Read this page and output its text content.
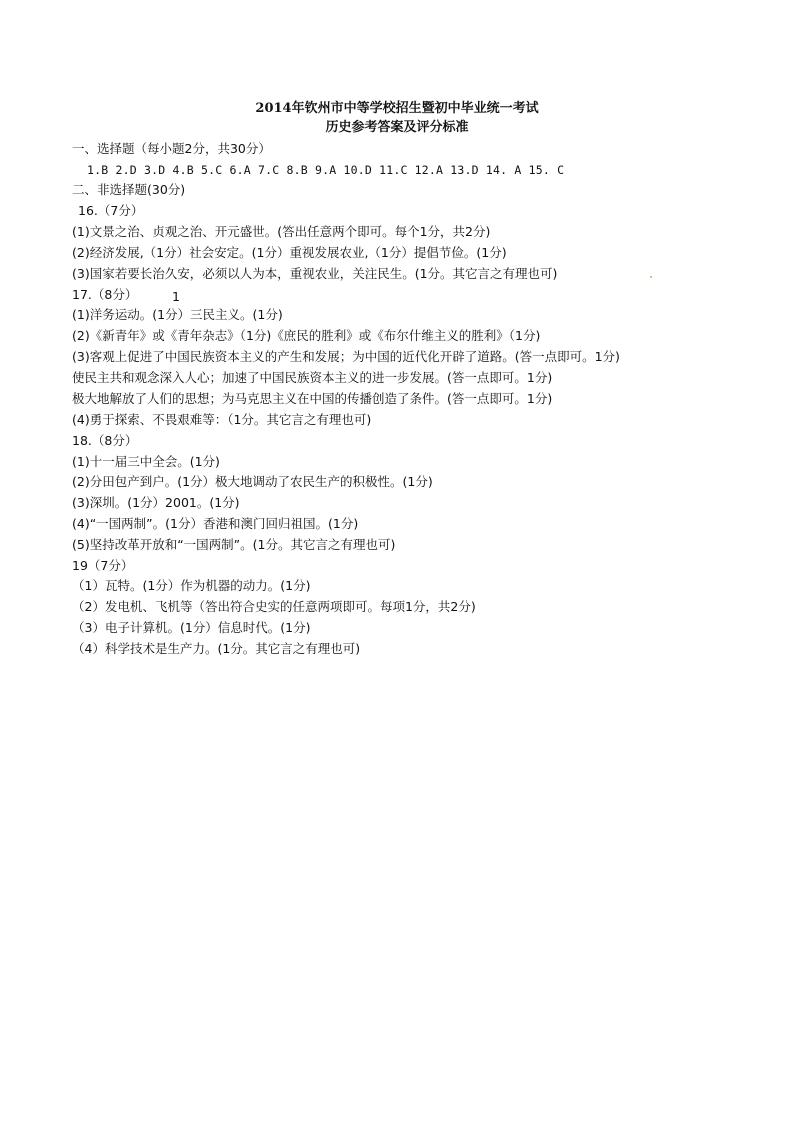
2014年钦州市中等学校招生暨初中毕业统一考试
历史参考答案及评分标准
一、选择题（每小题2分，共30分）
1.B 2.D 3.D 4.B 5.C 6.A 7.C 8.B 9.A 10.D 11.C 12.A 13.D 14. A 15. C
二、非选择题(30分)
16.（7分）
(1)文景之治、贞观之治、开元盛世。(答出任意两个即可。每个1分，共2分)
(2)经济发展,（1分）社会安定。(1分）重视发展农业,（1分）提倡节俭。(1分)
(3)国家若要长治久安，必须以人为本，重视农业，关注民生。(1分。其它言之有理也可)
17.（8分）	1
(1)洋务运动。(1分）三民主义。(1分)
(2)《新青年》或《青年杂志》（1分)《庶民的胜利》或《布尔什维主义的胜利》（1分)
(3)客观上促进了中国民族资本主义的产生和发展；为中国的近代化开辟了道路。(答一点即可。1分)
使民主共和观念深入人心；加速了中国民族资本主义的进一步发展。(答一点即可。1分)
极大地解放了人们的思想；为马克思主义在中国的传播创造了条件。(答一点即可。1分)
(4)勇于探索、不畏艰难等：（1分。其它言之有理也可)
18.（8分）
(1)十一届三中全会。(1分)
(2)分田包产到户。(1分）极大地调动了农民生产的积极性。(1分)
(3)深圳。(1分）2001。(1分)
(4)“一国两制”。(1分）香港和澳门回归祖国。(1分)
(5)坚持改革开放和“一国两制”。(1分。其它言之有理也可)
19（7分）
（1）瓦特。(1分）作为机器的动力。(1分)
（2）发电机、飞机等（答出符合史实的任意两项即可。每项1分，共2分)
（3）电子计算机。(1分）信息时代。(1分)
（4）科学技术是生产力。(1分。其它言之有理也可)
